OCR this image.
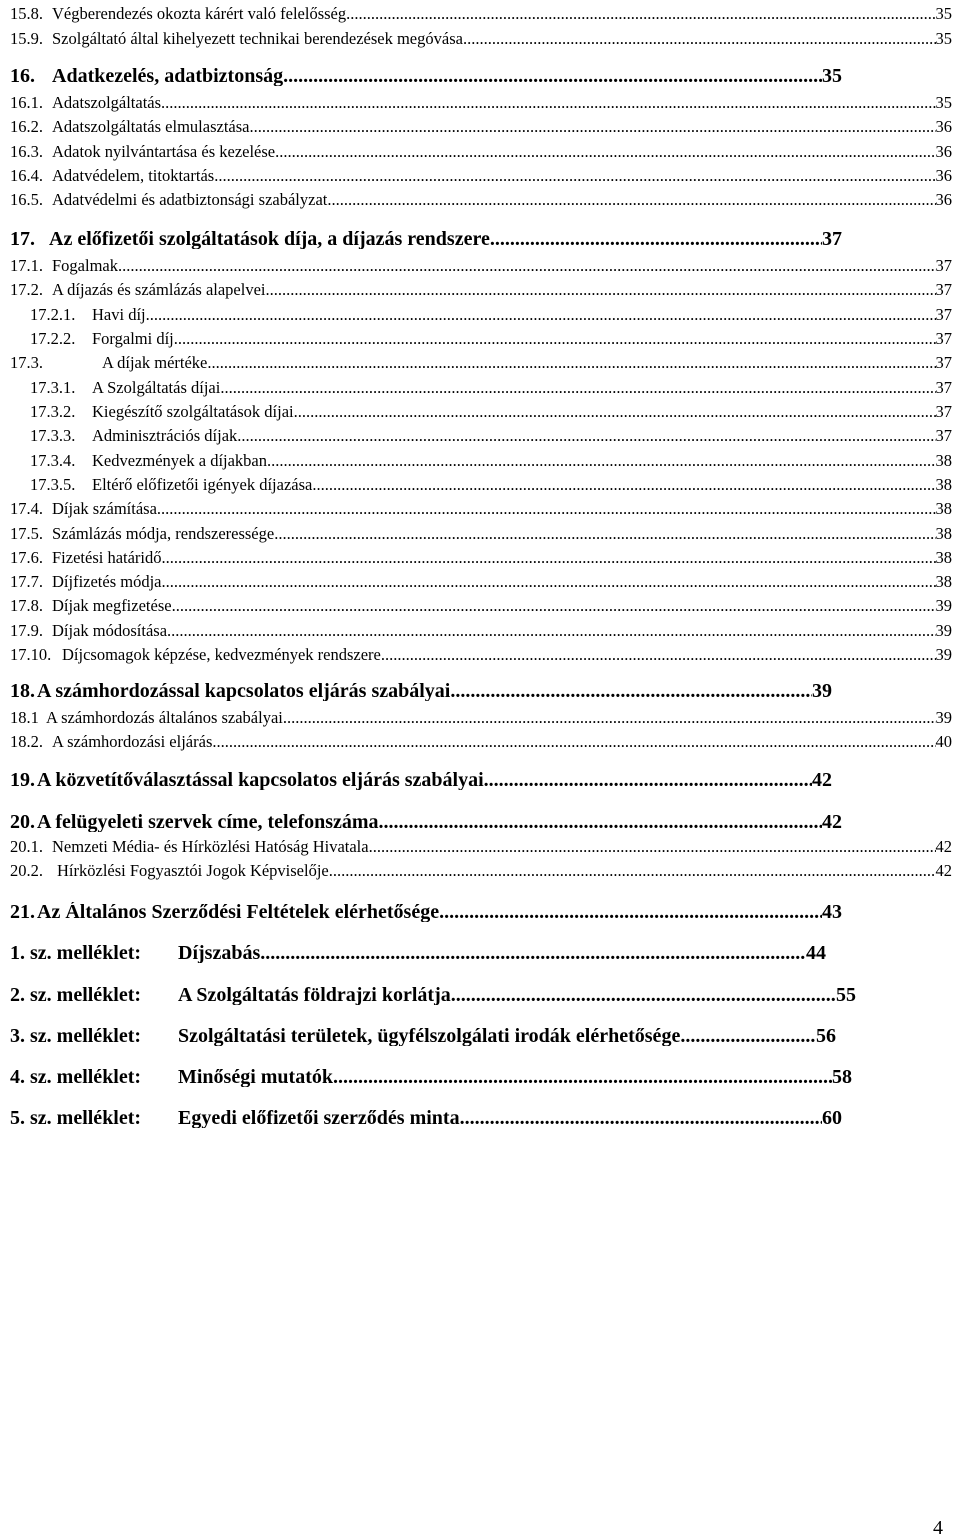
15.8. Végberendezés okozta kárért való felelősség .....	35
15.9. Szolgáltató által kihelyezett technikai berendezések megóvása .....	35
16. Adatkezelés, adatbiztonság .....	35
16.1. Adatszolgáltatás .....	35
16.2. Adatszolgáltatás elmulasztása .....	36
16.3. Adatok nyilvántartása és kezelése .....	36
16.4. Adatvédelem, titoktartás .....	36
16.5. Adatvédelmi és adatbiztonsági szabályzat .....	36
17. Az előfizetői szolgáltatások díja, a díjazás rendszere .....	37
17.1. Fogalmak .....	37
17.2. A díjazás és számlázás alapelvei .....	37
17.2.1.	Havi díj .....	37
17.2.2.	Forgalmi díj .....	37
17.3.	A díjak mértéke .....	37
17.3.1.	A Szolgáltatás díjai .....	37
17.3.2.	Kiegészítő szolgáltatások díjai .....	37
17.3.3.	Adminisztrációs díjak .....	37
17.3.4.	Kedvezmények a díjakban .....	38
17.3.5.	Eltérő előfizetői igények díjazása .....	38
17.4. Díjak számítása .....	38
17.5. Számlázás módja, rendszeressége .....	38
17.6. Fizetési határidő .....	38
17.7. Díjfizetés módja .....	38
17.8. Díjak megfizetése .....	39
17.9. Díjak módosítása .....	39
17.10. Díjcsomagok képzése, kedvezmények rendszere .....	39
18. A számhordozással kapcsolatos eljárás szabályai .....	39
18.1 A számhordozás általános szabályai .....	39
18.2. A számhordozási eljárás .....	40
19. A közvetítőválasztással kapcsolatos eljárás szabályai .....	42
20. A felügyeleti szervek címe, telefonszáma .....	42
20.1. Nemzeti Média- és Hírközlési Hatóság Hivatala .....	42
20.2. Hírközlési Fogyasztói Jogok Képviselője .....	42
21. Az Általános Szerződési Feltételek elérhetősége .....	43
1. sz. melléklet:	Díjszabás .....	44
2. sz. melléklet:	A Szolgáltatás földrajzi korlátja .....	55
3. sz. melléklet:	Szolgáltatási területek, ügyfélszolgálati irodák elérhetősége .....	56
4. sz. melléklet:	Minőségi mutatók .....	58
5. sz. melléklet:	Egyedi előfizetői szerződés minta .....	60
4
